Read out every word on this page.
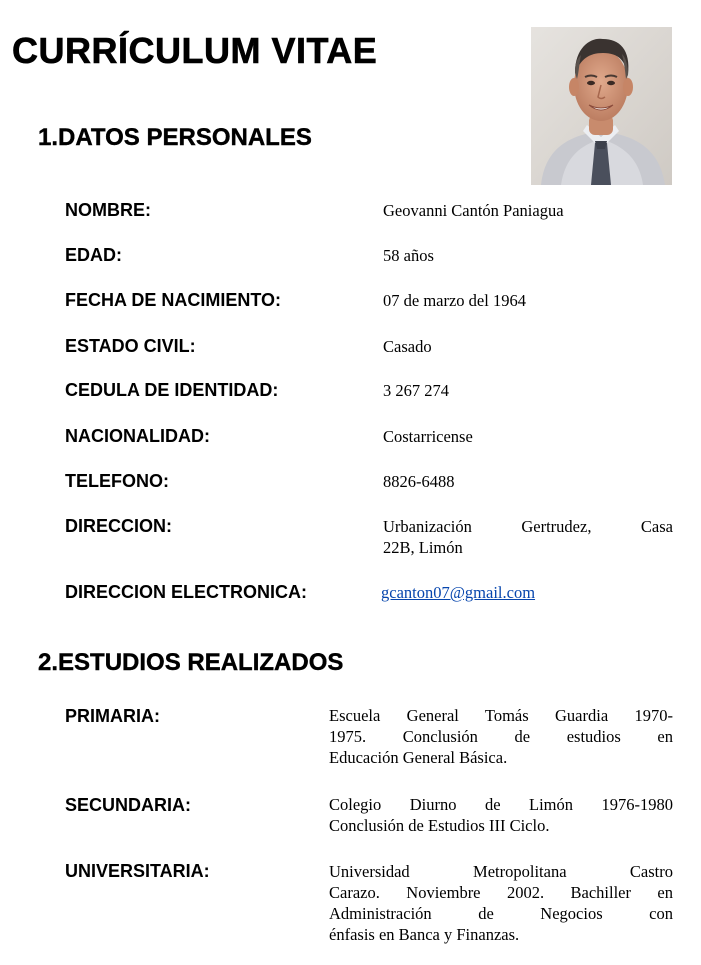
CURRÍCULUM VITAE
1.DATOS PERSONALES
NOMBRE:	Geovanni Cantón Paniagua
EDAD:	58 años
FECHA DE NACIMIENTO:	07 de marzo del 1964
ESTADO CIVIL:	Casado
CEDULA DE IDENTIDAD:	3 267 274
NACIONALIDAD:	Costarricense
TELEFONO:	8826-6488
DIRECCION:	Urbanización Gertrudez, Casa
22B, Limón
DIRECCION ELECTRONICA:	gcanton07@gmail.com
2.ESTUDIOS REALIZADOS
PRIMARIA:	Escuela General Tomás Guardia 1970-
1975. Conclusión de estudios en
Educación General Básica.
SECUNDARIA:	Colegio Diurno de Limón 1976-1980
Conclusión de Estudios III Ciclo.
UNIVERSITARIA:	Universidad Metropolitana Castro
Carazo. Noviembre 2002. Bachiller en
Administración de Negocios con
énfasis en Banca y Finanzas.
